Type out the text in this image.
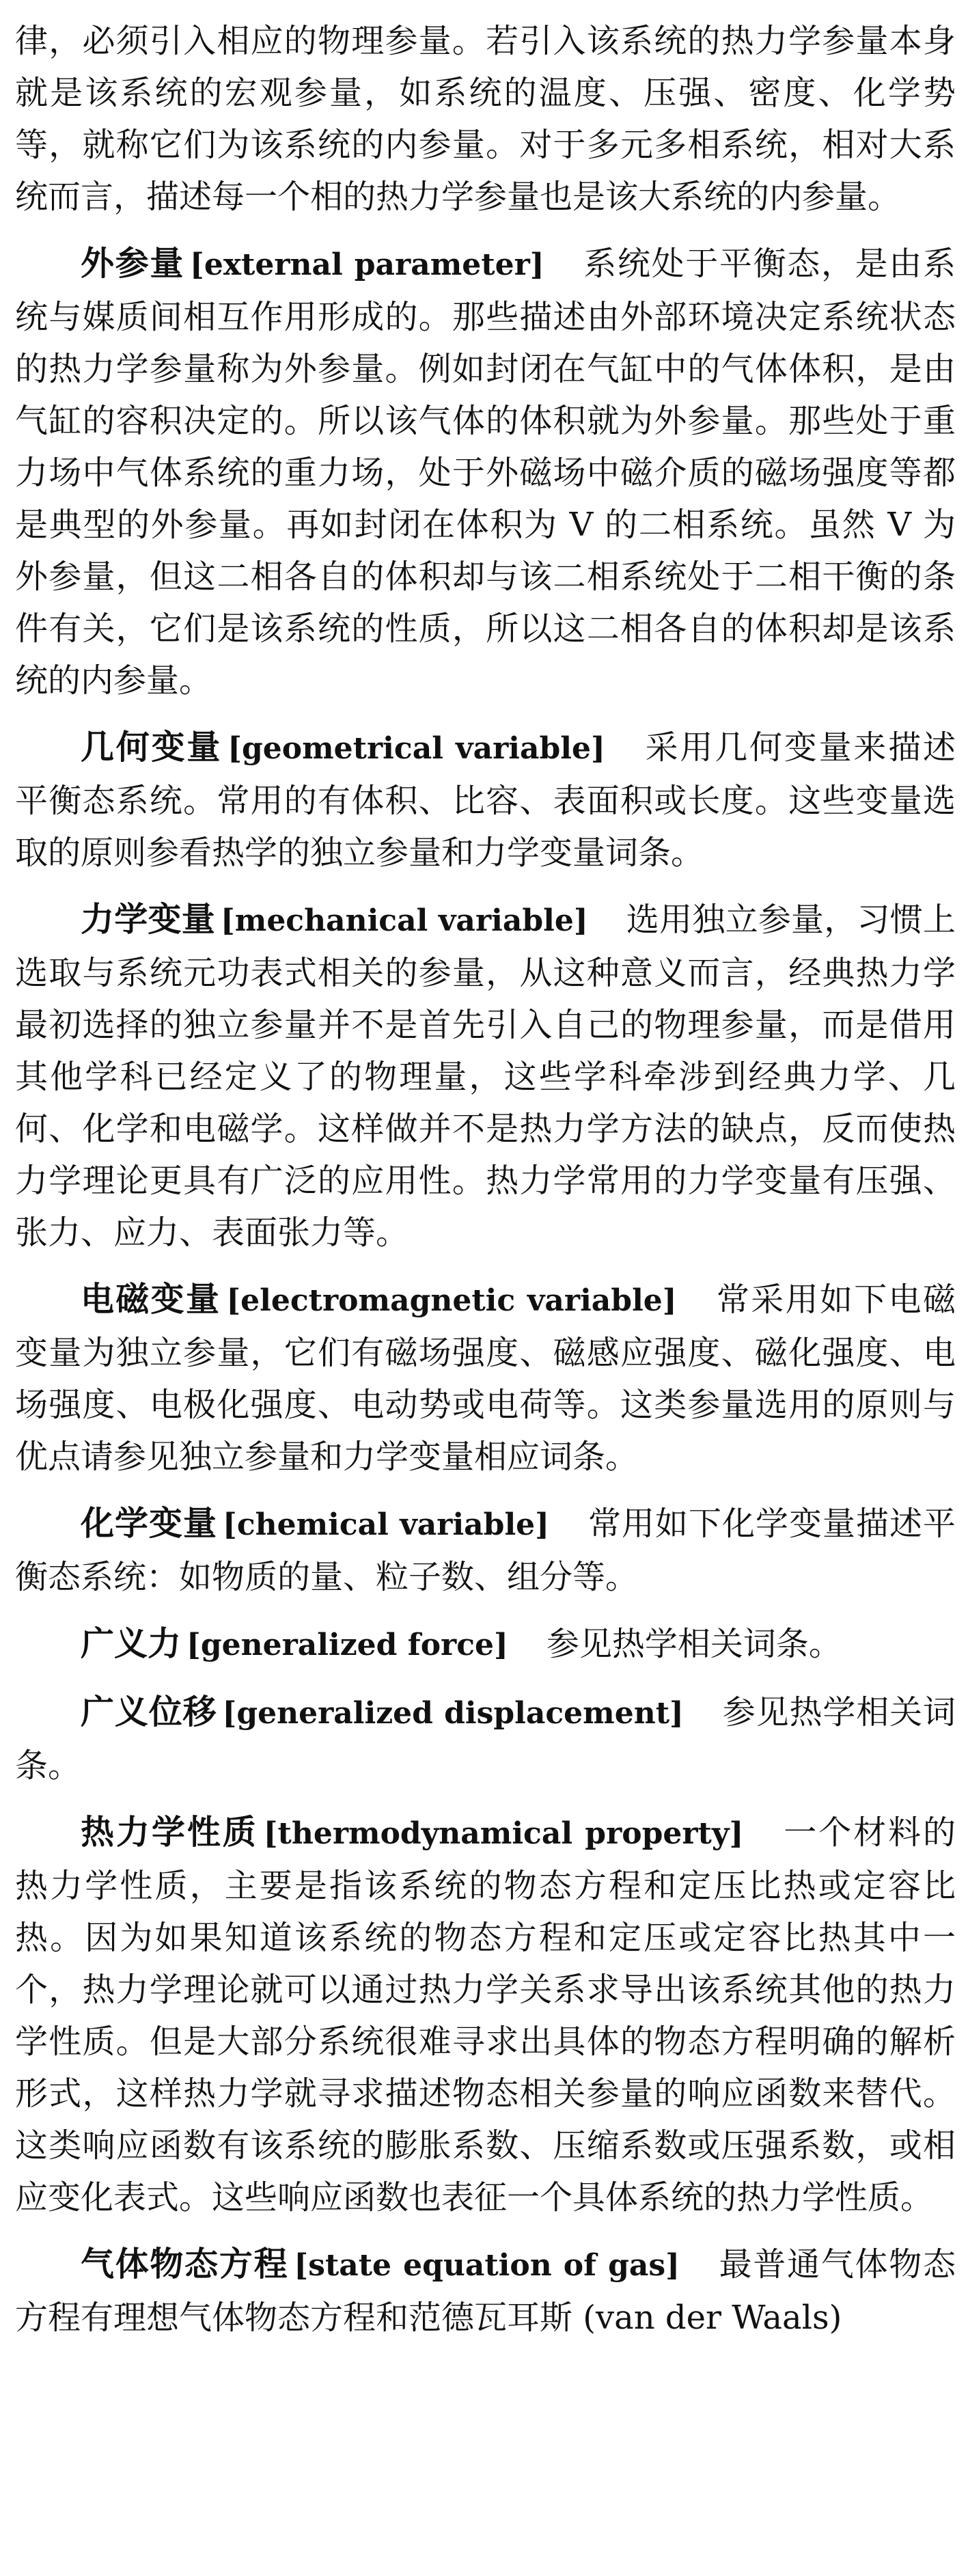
律，必须引入相应的物理参量。若引入该系统的热力学参量本身就是该系统的宏观参量，如系统的温度、压强、密度、化学势等，就称它们为该系统的内参量。对于多元多相系统，相对大系统而言，描述每一个相的热力学参量也是该大系统的内参量。

外参量 [external parameter] 系统处于平衡态，是由系统与媒质间相互作用形成的。那些描述由外部环境决定系统状态的热力学参量称为外参量。例如封闭在气缸中的气体体积，是由气缸的容积决定的。所以该气体的体积就为外参量。那些处于重力场中气体系统的重力场，处于外磁场中磁介质的磁场强度等都是典型的外参量。再如封闭在体积为 V 的二相系统。虽然 V 为外参量，但这二相各自的体积却与该二相系统处于二相干衡的条件有关，它们是该系统的性质，所以这二相各自的体积却是该系统的内参量。

几何变量 [geometrical variable] 采用几何变量来描述平衡态系统。常用的有体积、比容、表面积或长度。这些变量选取的原则参看热学的独立参量和力学变量词条。

力学变量 [mechanical variable] 选用独立参量，习惯上选取与系统元功表式相关的参量，从这种意义而言，经典热力学最初选择的独立参量并不是首先引入自己的物理参量，而是借用其他学科已经定义了的物理量，这些学科牵涉到经典力学、几何、化学和电磁学。这样做并不是热力学方法的缺点，反而使热力学理论更具有广泛的应用性。热力学常用的力学变量有压强、张力、应力、表面张力等。

电磁变量 [electromagnetic variable] 常采用如下电磁变量为独立参量，它们有磁场强度、磁感应强度、磁化强度、电场强度、电极化强度、电动势或电荷等。这类参量选用的原则与优点请参见独立参量和力学变量相应词条。

化学变量 [chemical variable] 常用如下化学变量描述平衡态系统：如物质的量、粒子数、组分等。

广义力 [generalized force] 参见热学相关词条。

广义位移 [generalized displacement] 参见热学相关词条。

热力学性质 [thermodynamical property] 一个材料的热力学性质，主要是指该系统的物态方程和定压比热或定容比热。因为如果知道该系统的物态方程和定压或定容比热其中一个，热力学理论就可以通过热力学关系求导出该系统其他的热力学性质。但是大部分系统很难寻求出具体的物态方程明确的解析形式，这样热力学就寻求描述物态相关参量的响应函数来替代。这类响应函数有该系统的膨胀系数、压缩系数或压强系数，或相应变化表式。这些响应函数也表征一个具体系统的热力学性质。

气体物态方程 [state equation of gas] 最普通气体物态方程有理想气体物态方程和范德瓦耳斯 (van der Waals)
